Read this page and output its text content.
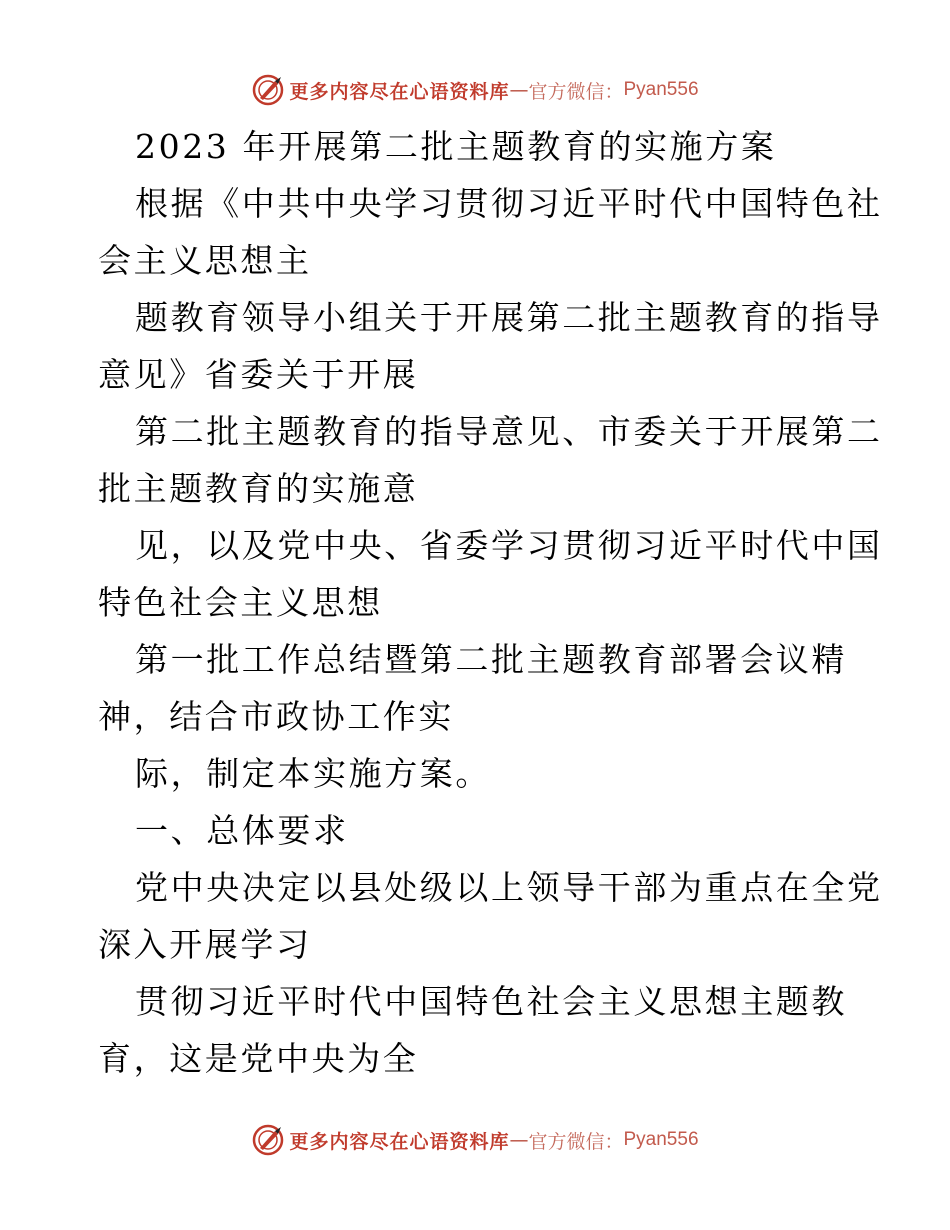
更多内容尽在心语资料库 — 官方微信： Pyan556

2023 年开展第二批主题教育的实施方案

根据《中共中央学习贯彻习近平时代中国特色社

会主义思想主

题教育领导小组关于开展第二批主题教育的指导

意见》省委关于开展

第二批主题教育的指导意见、市委关于开展第二

批主题教育的实施意

见，以及党中央、省委学习贯彻习近平时代中国

特色社会主义思想

第一批工作总结暨第二批主题教育部署会议精

神，结合市政协工作实

际，制定本实施方案。

一、总体要求

党中央决定以县处级以上领导干部为重点在全党

深入开展学习

贯彻习近平时代中国特色社会主义思想主题教

育，这是党中央为全

更多内容尽在心语资料库 — 官方微信： Pyan556
